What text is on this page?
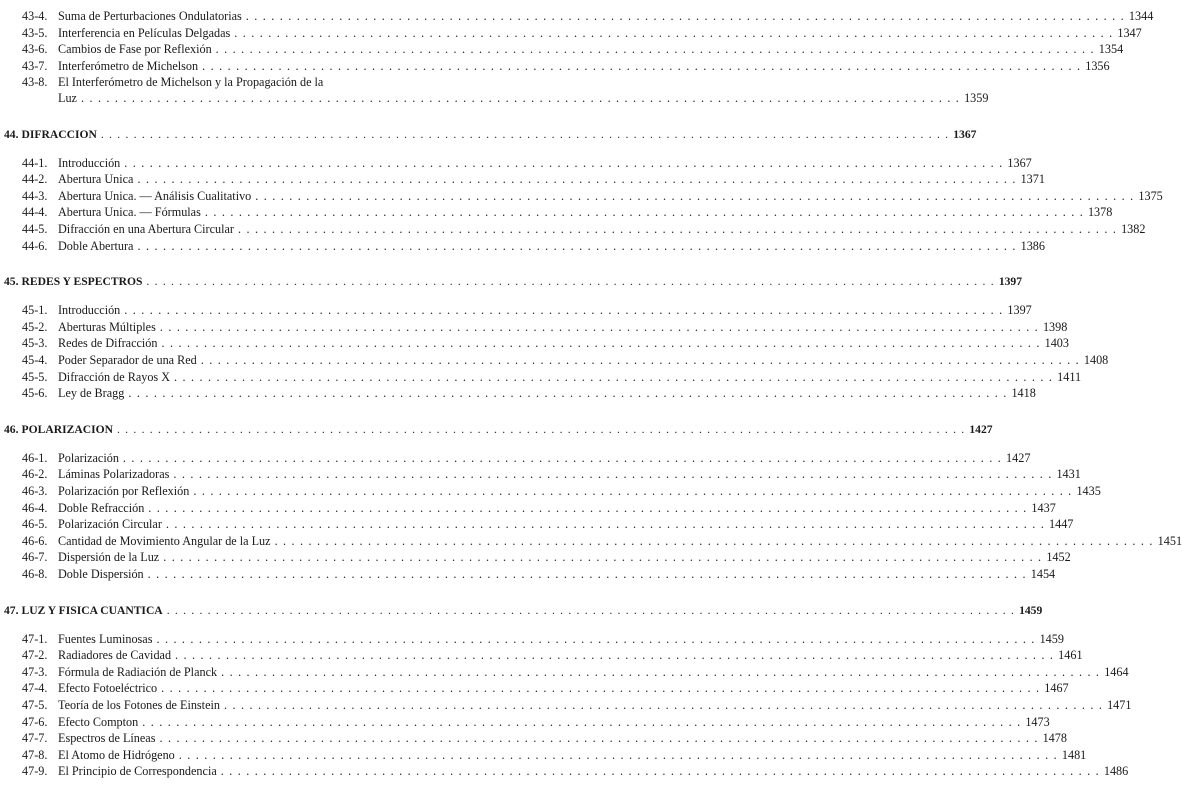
43-4. Suma de Perturbaciones Ondulatorias . . . . . . . . . . . . . . . . . . . . . . . . . . . . . . . . . . . . . . . . . . . . . . . . . . . . . . . . . . . . . . . . . . . . . . . . . . . . . . . . . . . . . . . . . . . . . . . . . . . . . . . . 1344
43-5. Interferencia en Películas Delgadas . . . . . . . . . . . . . . . . . . . . . . . . . . . . . . . . . . . . . . . . . . . . . . . . . . . . . . . . . . . . . . . . . . . . . . . . . . . . . . . . . . . . . . . . . . . . . . . . . . . . . . . . 1347
43-6. Cambios de Fase por Reflexión . . . . . . . . . . . . . . . . . . . . . . . . . . . . . . . . . . . . . . . . . . . . . . . . . . . . . . . . . . . . . . . . . . . . . . . . . . . . . . . . . . . . . . . . . . . . . . . . . . . . . . . . 1354
43-7. Interferómetro de Michelson . . . . . . . . . . . . . . . . . . . . . . . . . . . . . . . . . . . . . . . . . . . . . . . . . . . . . . . . . . . . . . . . . . . . . . . . . . . . . . . . . . . . . . . . . . . . . . . . . . . . . . . . 1356
43-8. El Interferómetro de Michelson y la Propagación de la
Luz . . . . . . . . . . . . . . . . . . . . . . . . . . . . . . . . . . . . . . . . . . . . . . . . . . . . . . . . . . . . . . . . . . . . . . . . . . . . . . . . . . . . . . . . . . . . . . . . . . . . . . . . 1359
44. DIFRACCION . . . . . . . . . . . . . . . . . . . . . . . . . . . . . . . . . . . . . . . . . . . . . . . . . . . . . . . . . . . . . . . . . . . . . . . . . . . . . . . . . . . . . . . . . . . . . . . . . . . . . . . . 1367
44-1. Introducción . . . . . . . . . . . . . . . . . . . . . . . . . . . . . . . . . . . . . . . . . . . . . . . . . . . . . . . . . . . . . . . . . . . . . . . . . . . . . . . . . . . . . . . . . . . . . . . . . . . . . . . . 1367
44-2. Abertura Unica . . . . . . . . . . . . . . . . . . . . . . . . . . . . . . . . . . . . . . . . . . . . . . . . . . . . . . . . . . . . . . . . . . . . . . . . . . . . . . . . . . . . . . . . . . . . . . . . . . . . . . . . 1371
44-3. Abertura Unica. — Análisis Cualitativo . . . . . . . . . . . . . . . . . . . . . . . . . . . . . . . . . . . . . . . . . . . . . . . . . . . . . . . . . . . . . . . . . . . . . . . . . . . . . . . . . . . . . . . . . . . . . . . . . . . . . . . . 1375
44-4. Abertura Unica. — Fórmulas . . . . . . . . . . . . . . . . . . . . . . . . . . . . . . . . . . . . . . . . . . . . . . . . . . . . . . . . . . . . . . . . . . . . . . . . . . . . . . . . . . . . . . . . . . . . . . . . . . . . . . . . 1378
44-5. Difracción en una Abertura Circular . . . . . . . . . . . . . . . . . . . . . . . . . . . . . . . . . . . . . . . . . . . . . . . . . . . . . . . . . . . . . . . . . . . . . . . . . . . . . . . . . . . . . . . . . . . . . . . . . . . . . . . . 1382
44-6. Doble Abertura . . . . . . . . . . . . . . . . . . . . . . . . . . . . . . . . . . . . . . . . . . . . . . . . . . . . . . . . . . . . . . . . . . . . . . . . . . . . . . . . . . . . . . . . . . . . . . . . . . . . . . . . 1386
45. REDES Y ESPECTROS . . . . . . . . . . . . . . . . . . . . . . . . . . . . . . . . . . . . . . . . . . . . . . . . . . . . . . . . . . . . . . . . . . . . . . . . . . . . . . . . . . . . . . . . . . . . . . . . . . . . . . . . 1397
45-1. Introducción . . . . . . . . . . . . . . . . . . . . . . . . . . . . . . . . . . . . . . . . . . . . . . . . . . . . . . . . . . . . . . . . . . . . . . . . . . . . . . . . . . . . . . . . . . . . . . . . . . . . . . . . 1397
45-2. Aberturas Múltiples . . . . . . . . . . . . . . . . . . . . . . . . . . . . . . . . . . . . . . . . . . . . . . . . . . . . . . . . . . . . . . . . . . . . . . . . . . . . . . . . . . . . . . . . . . . . . . . . . . . . . . . . 1398
45-3. Redes de Difracción . . . . . . . . . . . . . . . . . . . . . . . . . . . . . . . . . . . . . . . . . . . . . . . . . . . . . . . . . . . . . . . . . . . . . . . . . . . . . . . . . . . . . . . . . . . . . . . . . . . . . . . . 1403
45-4. Poder Separador de una Red . . . . . . . . . . . . . . . . . . . . . . . . . . . . . . . . . . . . . . . . . . . . . . . . . . . . . . . . . . . . . . . . . . . . . . . . . . . . . . . . . . . . . . . . . . . . . . . . . . . . . . . . 1408
45-5. Difracción de Rayos X . . . . . . . . . . . . . . . . . . . . . . . . . . . . . . . . . . . . . . . . . . . . . . . . . . . . . . . . . . . . . . . . . . . . . . . . . . . . . . . . . . . . . . . . . . . . . . . . . . . . . . . . 1411
45-6. Ley de Bragg . . . . . . . . . . . . . . . . . . . . . . . . . . . . . . . . . . . . . . . . . . . . . . . . . . . . . . . . . . . . . . . . . . . . . . . . . . . . . . . . . . . . . . . . . . . . . . . . . . . . . . . . 1418
46. POLARIZACION . . . . . . . . . . . . . . . . . . . . . . . . . . . . . . . . . . . . . . . . . . . . . . . . . . . . . . . . . . . . . . . . . . . . . . . . . . . . . . . . . . . . . . . . . . . . . . . . . . . . . . . . 1427
46-1. Polarización . . . . . . . . . . . . . . . . . . . . . . . . . . . . . . . . . . . . . . . . . . . . . . . . . . . . . . . . . . . . . . . . . . . . . . . . . . . . . . . . . . . . . . . . . . . . . . . . . . . . . . . . 1427
46-2. Láminas Polarizadoras . . . . . . . . . . . . . . . . . . . . . . . . . . . . . . . . . . . . . . . . . . . . . . . . . . . . . . . . . . . . . . . . . . . . . . . . . . . . . . . . . . . . . . . . . . . . . . . . . . . . . . . . 1431
46-3. Polarización por Reflexión . . . . . . . . . . . . . . . . . . . . . . . . . . . . . . . . . . . . . . . . . . . . . . . . . . . . . . . . . . . . . . . . . . . . . . . . . . . . . . . . . . . . . . . . . . . . . . . . . . . . . . . . 1435
46-4. Doble Refracción . . . . . . . . . . . . . . . . . . . . . . . . . . . . . . . . . . . . . . . . . . . . . . . . . . . . . . . . . . . . . . . . . . . . . . . . . . . . . . . . . . . . . . . . . . . . . . . . . . . . . . . . 1437
46-5. Polarización Circular . . . . . . . . . . . . . . . . . . . . . . . . . . . . . . . . . . . . . . . . . . . . . . . . . . . . . . . . . . . . . . . . . . . . . . . . . . . . . . . . . . . . . . . . . . . . . . . . . . . . . . . . 1447
46-6. Cantidad de Movimiento Angular de la Luz . . . . . . . . . . . . . . . . . . . . . . . . . . . . . . . . . . . . . . . . . . . . . . . . . . . . . . . . . . . . . . . . . . . . . . . . . . . . . . . . . . . . . . . . . . . . . . . . . . . . . . . . 1451
46-7. Dispersión de la Luz . . . . . . . . . . . . . . . . . . . . . . . . . . . . . . . . . . . . . . . . . . . . . . . . . . . . . . . . . . . . . . . . . . . . . . . . . . . . . . . . . . . . . . . . . . . . . . . . . . . . . . . . 1452
46-8. Doble Dispersión . . . . . . . . . . . . . . . . . . . . . . . . . . . . . . . . . . . . . . . . . . . . . . . . . . . . . . . . . . . . . . . . . . . . . . . . . . . . . . . . . . . . . . . . . . . . . . . . . . . . . . . . 1454
47. LUZ Y FISICA CUANTICA . . . . . . . . . . . . . . . . . . . . . . . . . . . . . . . . . . . . . . . . . . . . . . . . . . . . . . . . . . . . . . . . . . . . . . . . . . . . . . . . . . . . . . . . . . . . . . . . . . . . . . . . 1459
47-1. Fuentes Luminosas . . . . . . . . . . . . . . . . . . . . . . . . . . . . . . . . . . . . . . . . . . . . . . . . . . . . . . . . . . . . . . . . . . . . . . . . . . . . . . . . . . . . . . . . . . . . . . . . . . . . . . . . 1459
47-2. Radiadores de Cavidad . . . . . . . . . . . . . . . . . . . . . . . . . . . . . . . . . . . . . . . . . . . . . . . . . . . . . . . . . . . . . . . . . . . . . . . . . . . . . . . . . . . . . . . . . . . . . . . . . . . . . . . . 1461
47-3. Fórmula de Radiación de Planck . . . . . . . . . . . . . . . . . . . . . . . . . . . . . . . . . . . . . . . . . . . . . . . . . . . . . . . . . . . . . . . . . . . . . . . . . . . . . . . . . . . . . . . . . . . . . . . . . . . . . . . . 1464
47-4. Efecto Fotoeléctrico . . . . . . . . . . . . . . . . . . . . . . . . . . . . . . . . . . . . . . . . . . . . . . . . . . . . . . . . . . . . . . . . . . . . . . . . . . . . . . . . . . . . . . . . . . . . . . . . . . . . . . . . 1467
47-5. Teoría de los Fotones de Einstein . . . . . . . . . . . . . . . . . . . . . . . . . . . . . . . . . . . . . . . . . . . . . . . . . . . . . . . . . . . . . . . . . . . . . . . . . . . . . . . . . . . . . . . . . . . . . . . . . . . . . . . . 1471
47-6. Efecto Compton . . . . . . . . . . . . . . . . . . . . . . . . . . . . . . . . . . . . . . . . . . . . . . . . . . . . . . . . . . . . . . . . . . . . . . . . . . . . . . . . . . . . . . . . . . . . . . . . . . . . . . . . 1473
47-7. Espectros de Líneas . . . . . . . . . . . . . . . . . . . . . . . . . . . . . . . . . . . . . . . . . . . . . . . . . . . . . . . . . . . . . . . . . . . . . . . . . . . . . . . . . . . . . . . . . . . . . . . . . . . . . . . . 1478
47-8. El Atomo de Hidrógeno . . . . . . . . . . . . . . . . . . . . . . . . . . . . . . . . . . . . . . . . . . . . . . . . . . . . . . . . . . . . . . . . . . . . . . . . . . . . . . . . . . . . . . . . . . . . . . . . . . . . . . . . 1481
47-9. El Principio de Correspondencia . . . . . . . . . . . . . . . . . . . . . . . . . . . . . . . . . . . . . . . . . . . . . . . . . . . . . . . . . . . . . . . . . . . . . . . . . . . . . . . . . . . . . . . . . . . . . . . . . . . . . . . . 1486
